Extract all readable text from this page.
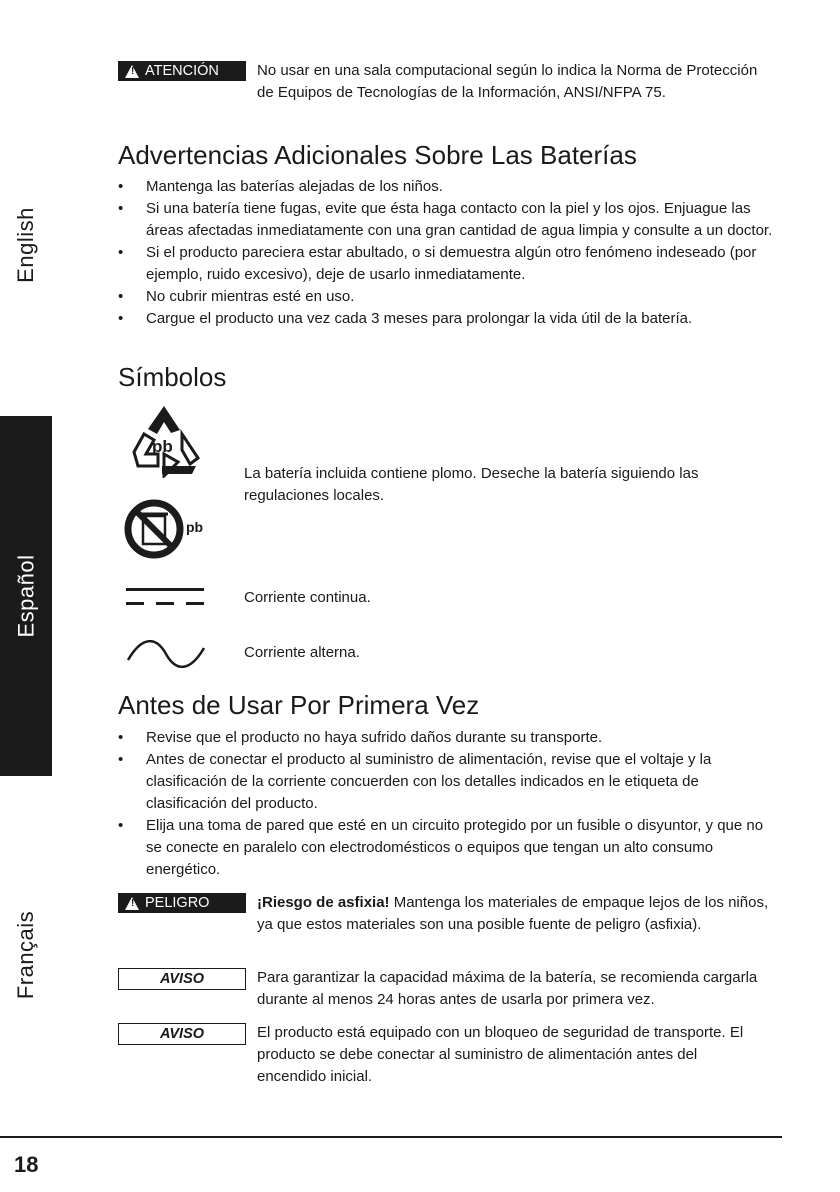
English
Español
Français
! ATENCIÓN	No usar en una sala computacional según lo indica la Norma de Protección de Equipos de Tecnologías de la Información, ANSI/NFPA 75.
Advertencias Adicionales Sobre Las Baterías
• Mantenga las baterías alejadas de los niños.
• Si una batería tiene fugas, evite que ésta haga contacto con la piel y los ojos. Enjuague las áreas afectadas inmediatamente con una gran cantidad de agua limpia y consulte a un doctor.
• Si el producto pareciera estar abultado, o si demuestra algún otro fenómeno indeseado (por ejemplo, ruido excesivo), deje de usarlo inmediatamente.
• No cubrir mientras esté en uso.
• Cargue el producto una vez cada 3 meses para prolongar la vida útil de la batería.
Símbolos
pb
pb
La batería incluida contiene plomo. Deseche la batería siguiendo las regulaciones locales.
Corriente continua.
Corriente alterna.
Antes de Usar Por Primera Vez
• Revise que el producto no haya sufrido daños durante su transporte.
• Antes de conectar el producto al suministro de alimentación, revise que el voltaje y la clasificación de la corriente concuerden con los detalles indicados en le etiqueta de clasificación del producto.
• Elija una toma de pared que esté en un circuito protegido por un fusible o disyuntor, y que no se conecte en paralelo con electrodomésticos o equipos que tengan un alto consumo energético.
! PELIGRO	¡Riesgo de asfixia! Mantenga los materiales de empaque lejos de los niños, ya que estos materiales son una posible fuente de peligro (asfixia).
AVISO	Para garantizar la capacidad máxima de la batería, se recomienda cargarla durante al menos 24 horas antes de usarla por primera vez.
AVISO	El producto está equipado con un bloqueo de seguridad de transporte. El producto se debe conectar al suministro de alimentación antes del encendido inicial.
18
